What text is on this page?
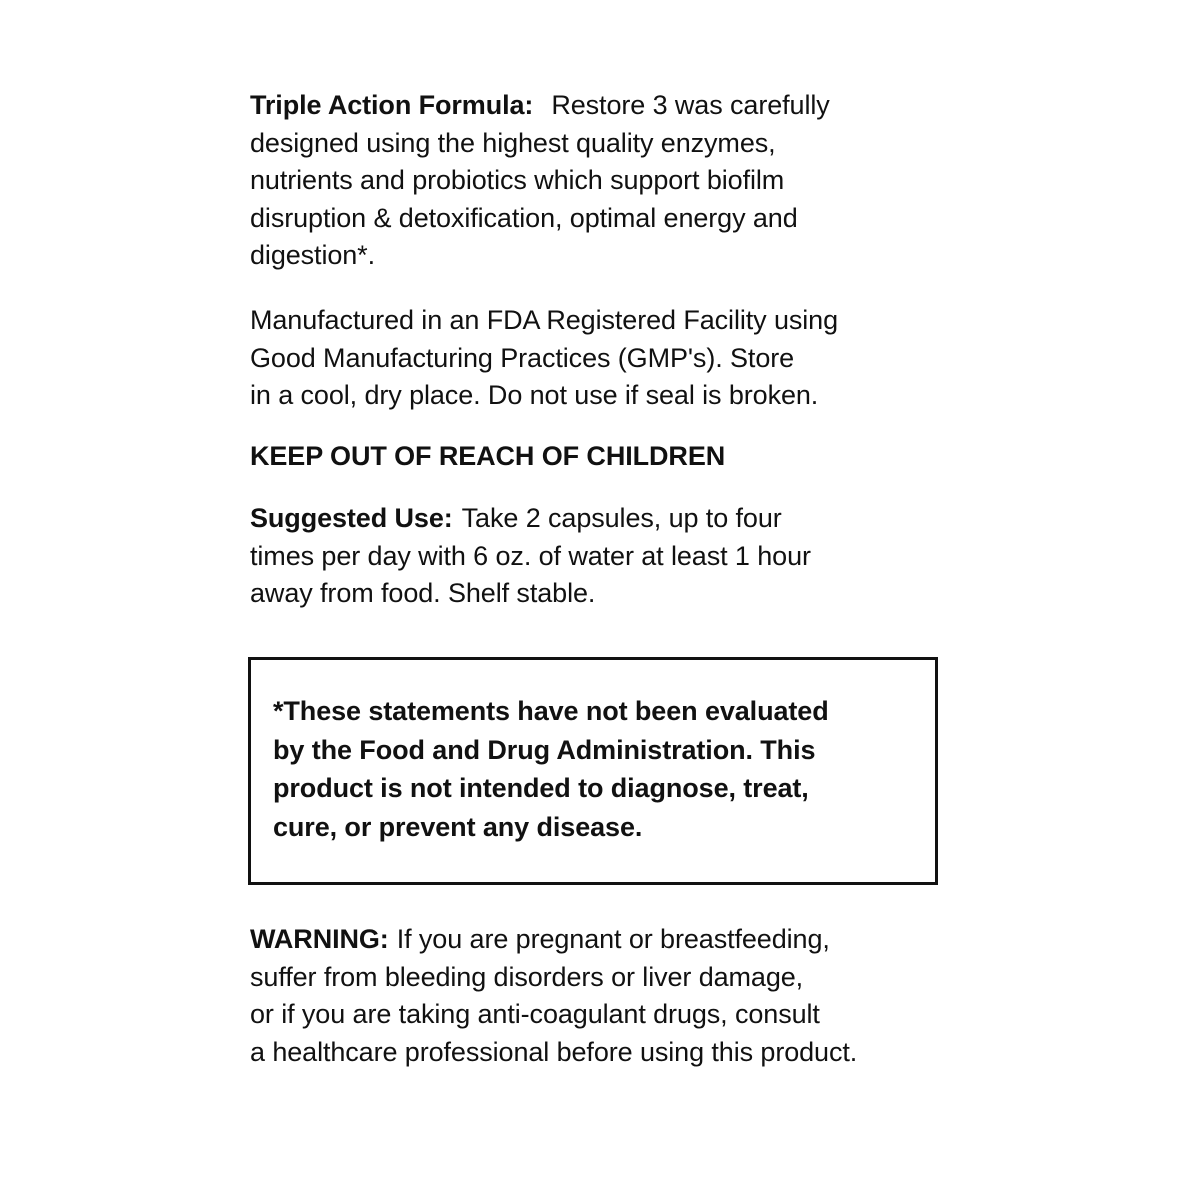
Triple Action Formula: Restore 3 was carefully
designed using the highest quality enzymes,
nutrients and probiotics which support biofilm
disruption & detoxification, optimal energy and
digestion*.

Manufactured in an FDA Registered Facility using
Good Manufacturing Practices (GMP's). Store
in a cool, dry place. Do not use if seal is broken.

KEEP OUT OF REACH OF CHILDREN

Suggested Use: Take 2 capsules, up to four
times per day with 6 oz. of water at least 1 hour
away from food. Shelf stable.

*These statements have not been evaluated
by the Food and Drug Administration. This
product is not intended to diagnose, treat,
cure, or prevent any disease.

WARNING: If you are pregnant or breastfeeding,
suffer from bleeding disorders or liver damage,
or if you are taking anti-coagulant drugs, consult
a healthcare professional before using this product.
